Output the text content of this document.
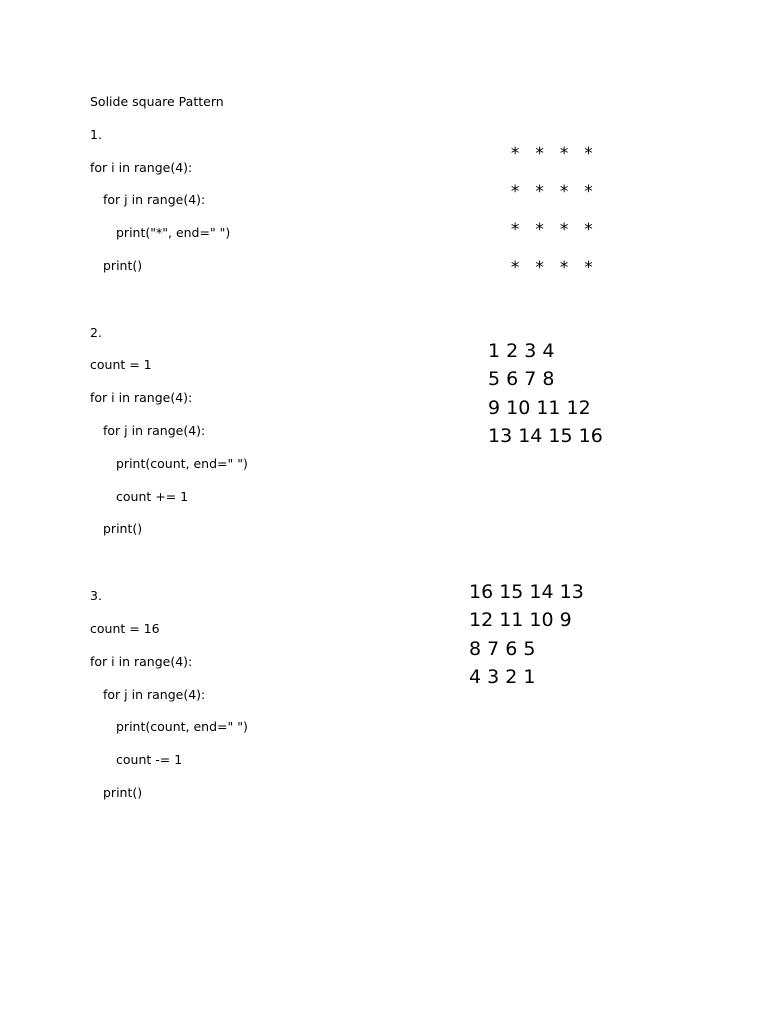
Solide square Pattern
1.
for i in range(4):
for j in range(4):
print("*", end=" ")
print()
* * * *
* * * *
* * * *
* * * *
2.
count = 1
for i in range(4):
for j in range(4):
print(count, end=" ")
count += 1
print()
1 2 3 4
5 6 7 8
9 10 11 12
13 14 15 16
3.
count = 16
for i in range(4):
for j in range(4):
print(count, end=" ")
count -= 1
print()
16 15 14 13
12 11 10 9
8 7 6 5
4 3 2 1
